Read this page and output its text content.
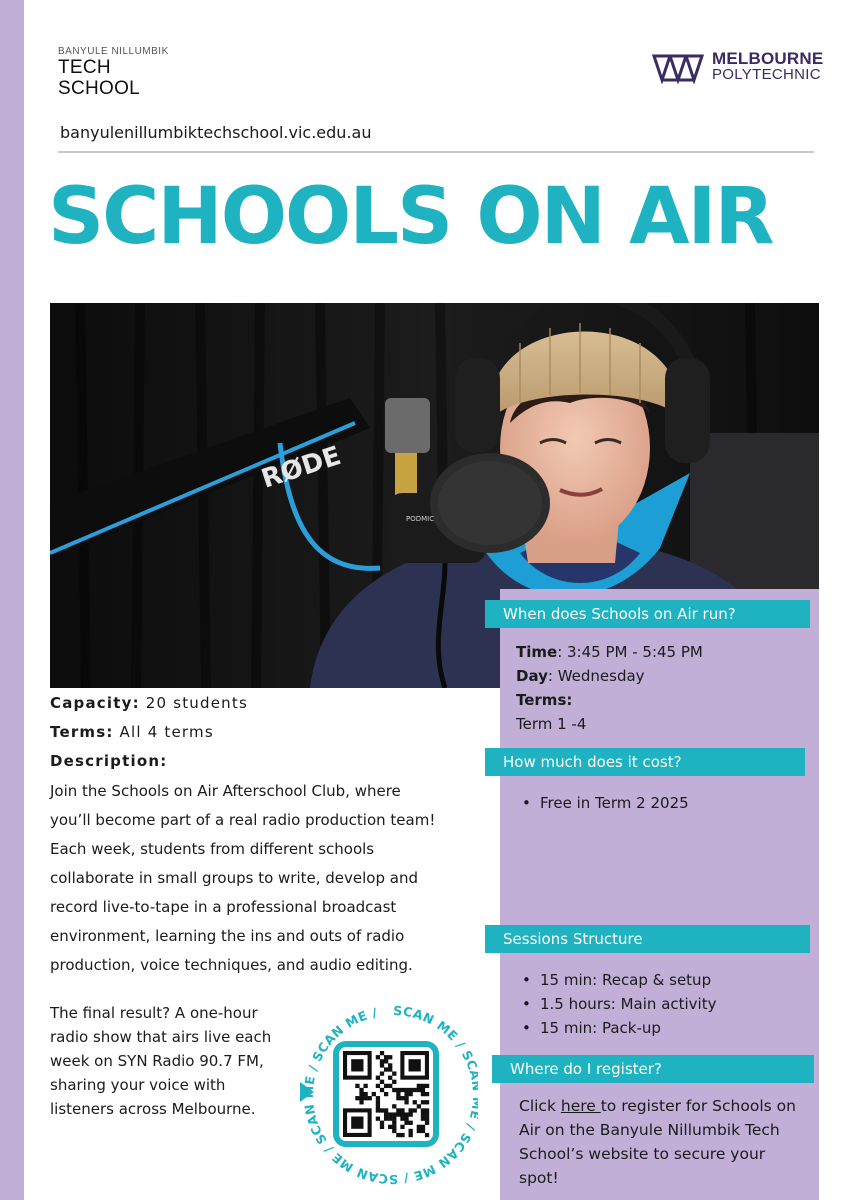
BANYULE NILLUMBIK
TECH
SCHOOL
MELBOURNE
POLYTECHNIC
banyulenillumbiktechschool.vic.edu.au
SCHOOLS ON AIR
RØDE
PODMIC
When does Schools on Air run?
Time: 3:45 PM - 5:45 PM
Day: Wednesday
Terms:
Term 1 -4
How much does it cost?
• Free in Term 2 2025
Sessions Structure
• 15 min: Recap & setup
• 1.5 hours: Main activity
• 15 min: Pack-up
Where do I register?
Click here to register for Schools on
Air on the Banyule Nillumbik Tech
School’s website to secure your
spot!
Capacity: 20 students
Terms: All 4 terms
Description:
Join the Schools on Air Afterschool Club, where
you’ll become part of a real radio production team!
Each week, students from different schools
collaborate in small groups to write, develop and
record live-to-tape in a professional broadcast
environment, learning the ins and outs of radio
production, voice techniques, and audio editing.
The final result? A one-hour
radio show that airs live each
week on SYN Radio 90.7 FM,
sharing your voice with
listeners across Melbourne.
SCAN ME / S / SCAN ME / SCAN ME / SCAN ME / SCAN ME /
